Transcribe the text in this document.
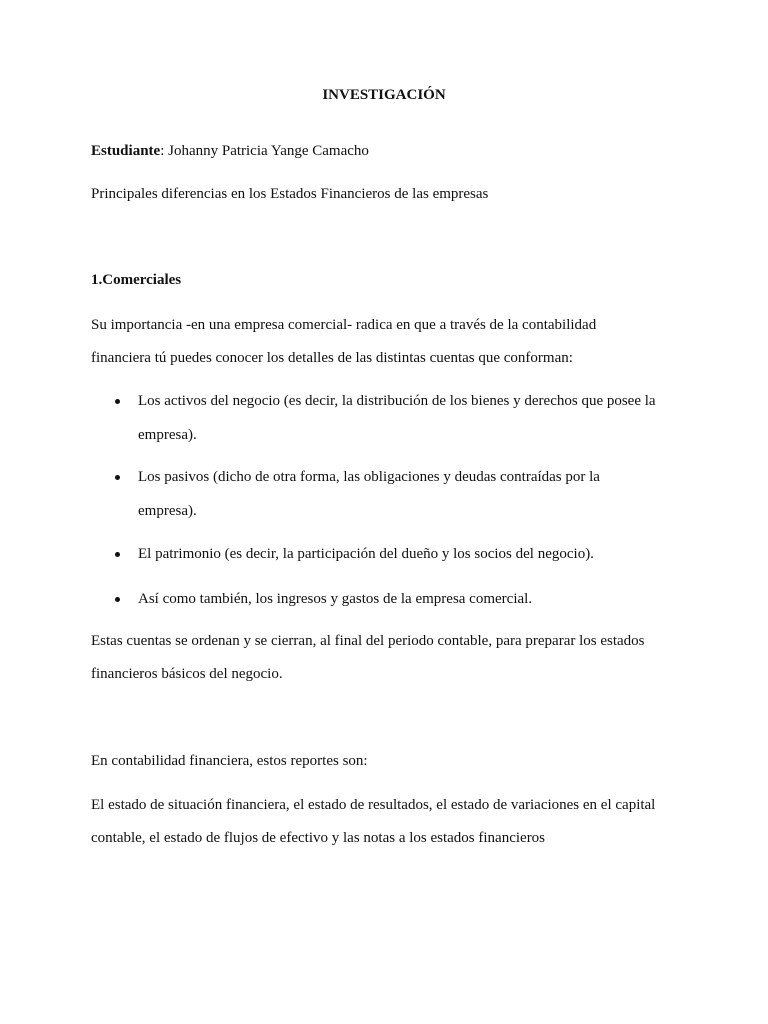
INVESTIGACIÓN

Estudiante: Johanny Patricia Yange Camacho

Principales diferencias en los Estados Financieros de las empresas

1.Comerciales

Su importancia -en una empresa comercial- radica en que a través de la contabilidad

financiera tú puedes conocer los detalles de las distintas cuentas que conforman:

Los activos del negocio (es decir, la distribución de los bienes y derechos que posee la

empresa).

Los pasivos (dicho de otra forma, las obligaciones y deudas contraídas por la

empresa).

El patrimonio (es decir, la participación del dueño y los socios del negocio).

Así como también, los ingresos y gastos de la empresa comercial.

Estas cuentas se ordenan y se cierran, al final del periodo contable, para preparar los estados

financieros básicos del negocio.

En contabilidad financiera, estos reportes son:

El estado de situación financiera, el estado de resultados, el estado de variaciones en el capital

contable, el estado de flujos de efectivo y las notas a los estados financieros
